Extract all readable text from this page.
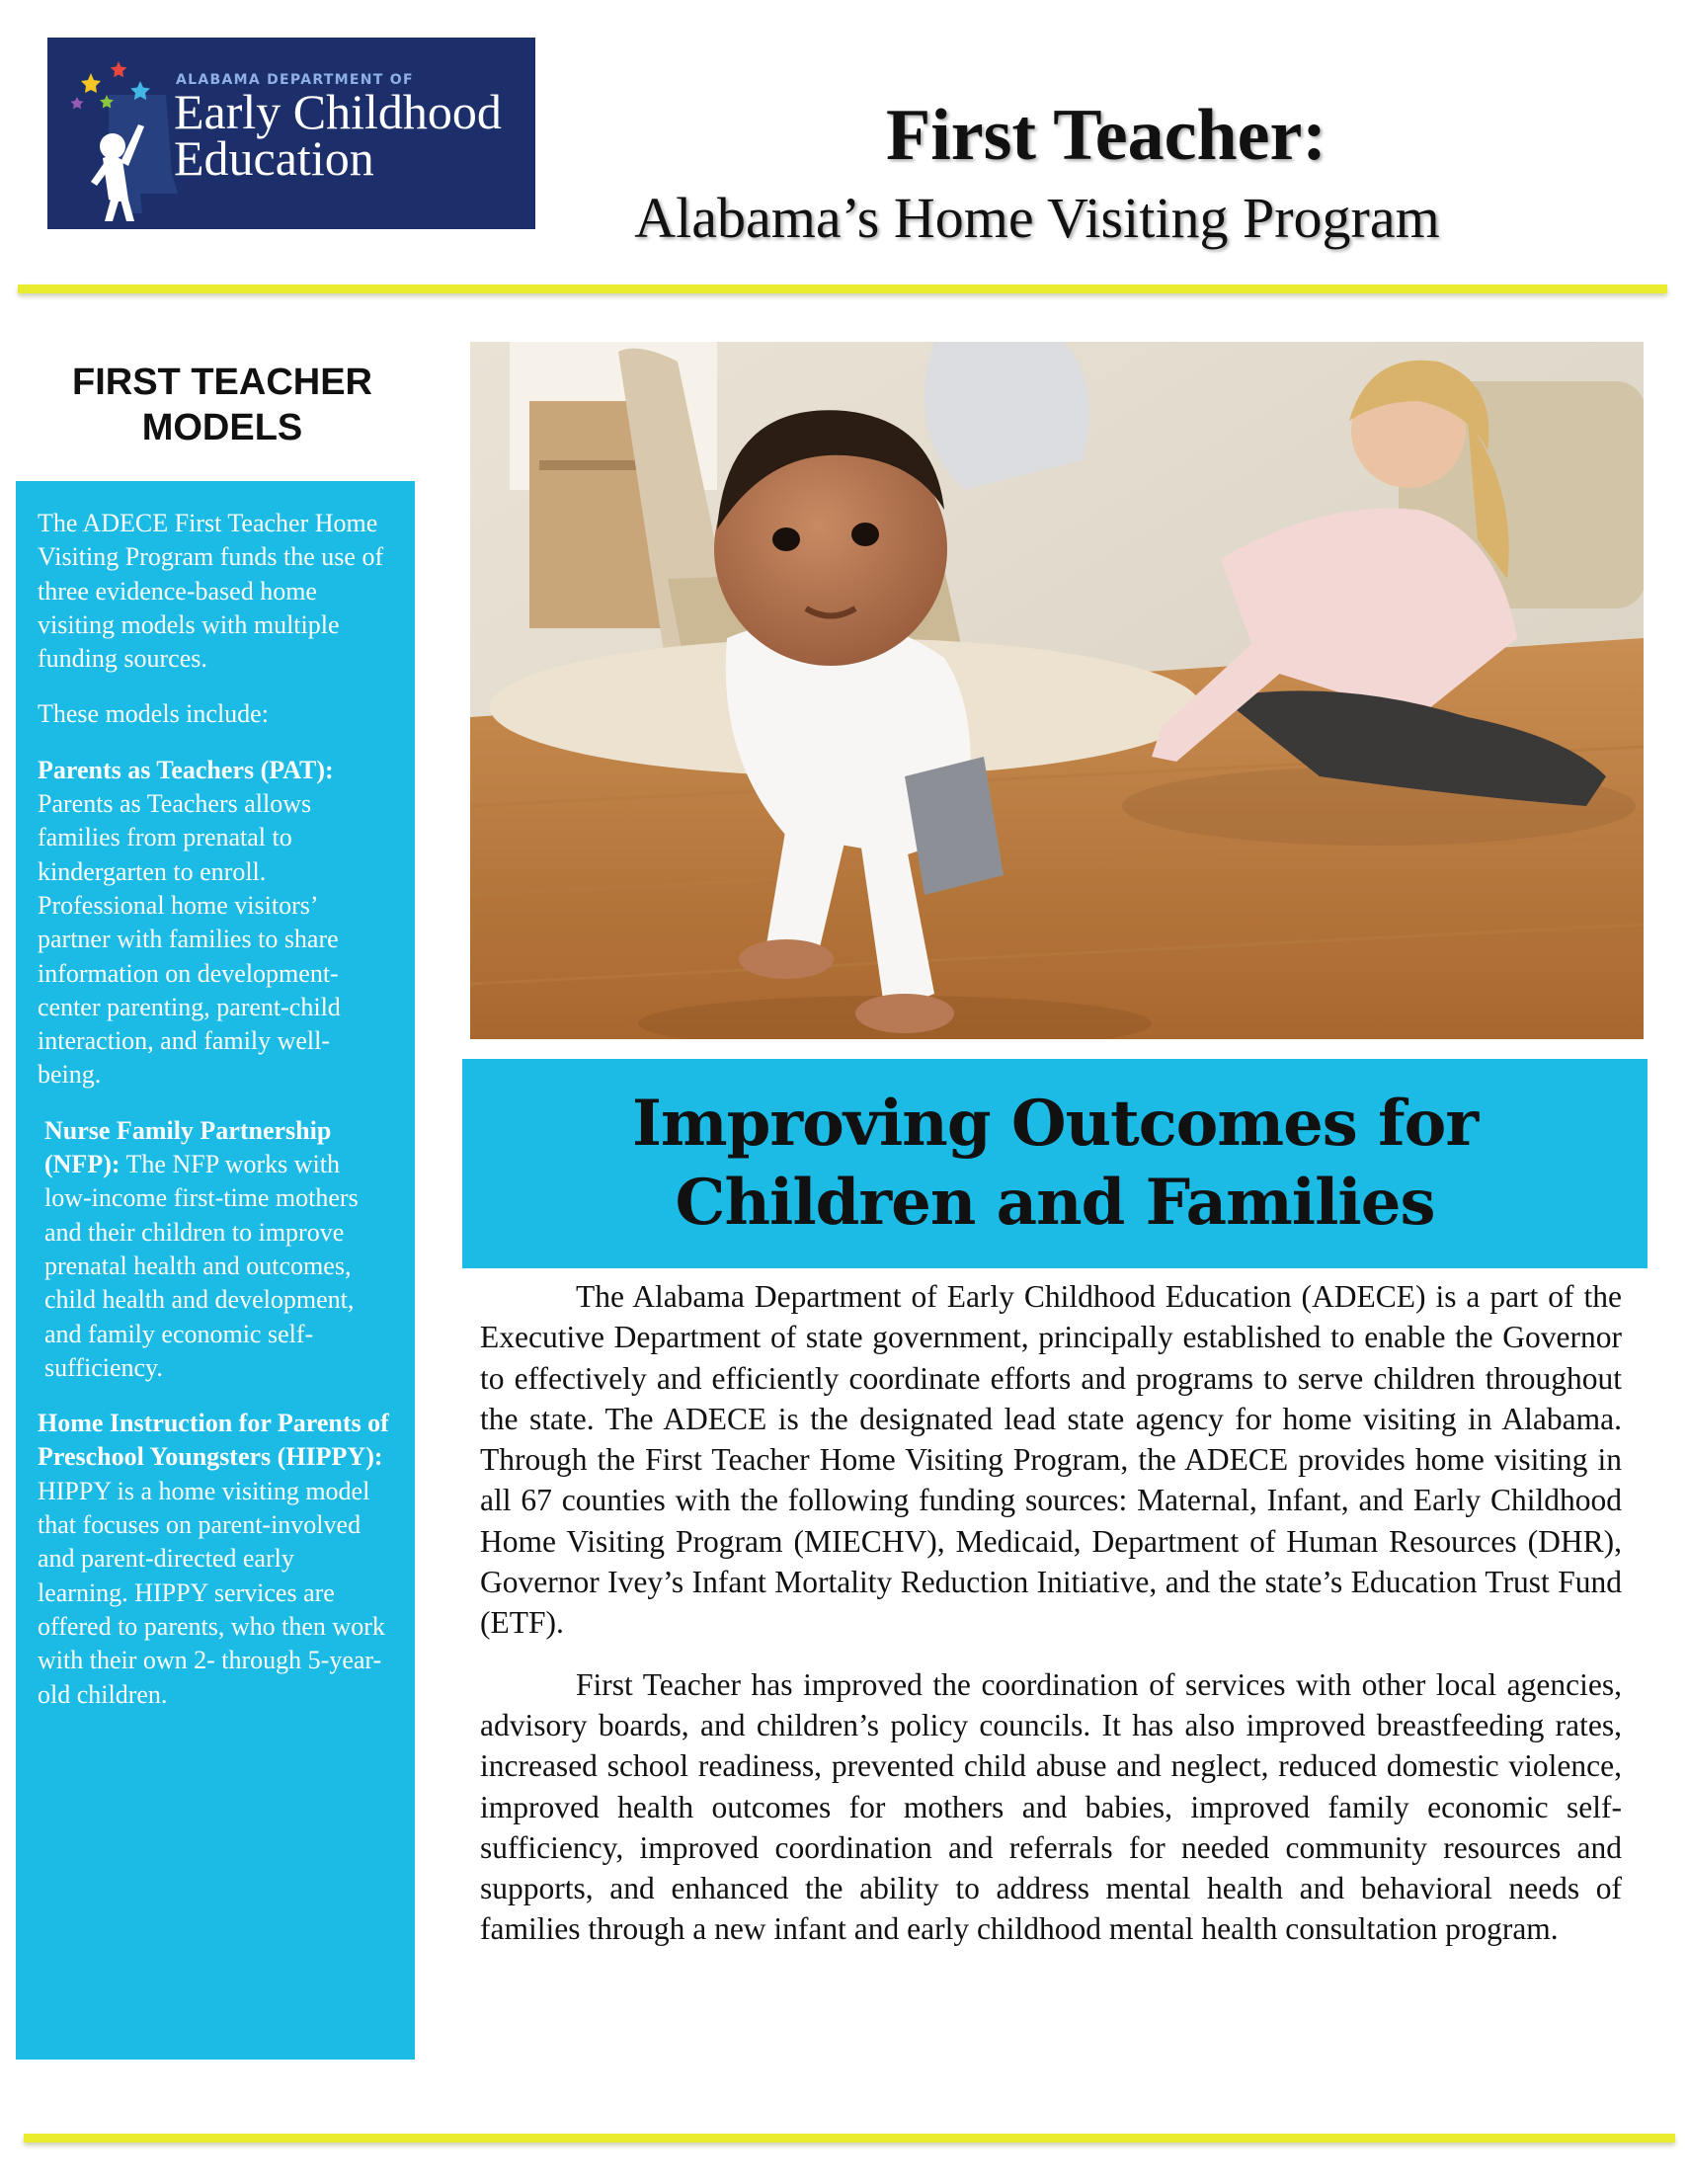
ALABAMA DEPARTMENT OF
Early Childhood
Education	First Teacher:
Alabama’s Home Visiting Program
FIRST TEACHER
MODELS

The ADECE First Teacher Home Visiting Program funds the use of three evidence-based home visiting models with multiple funding sources.

These models include:

Parents as Teachers (PAT): Parents as Teachers allows families from prenatal to kindergarten to enroll. Professional home visitors’ partner with families to share information on development-center parenting, parent-child interaction, and family well-being.

Nurse Family Partnership (NFP): The NFP works with low-income first-time mothers and their children to improve prenatal health and outcomes, child health and development, and family economic self-sufficiency.

Home Instruction for Parents of Preschool Youngsters (HIPPY): HIPPY is a home visiting model that focuses on parent-involved and parent-directed early learning. HIPPY services are offered to parents, who then work with their own 2- through 5-year-old children.

Improving Outcomes for
Children and Families

The Alabama Department of Early Childhood Education (ADECE) is a part of the Executive Department of state government, principally established to enable the Governor to effectively and efficiently coordinate efforts and programs to serve children throughout the state. The ADECE is the designated lead state agency for home visiting in Alabama. Through the First Teacher Home Visiting Program, the ADECE provides home visiting in all 67 counties with the following funding sources: Maternal, Infant, and Early Childhood Home Visiting Program (MIECHV), Medicaid, Department of Human Resources (DHR), Governor Ivey’s Infant Mortality Reduction Initiative, and the state’s Education Trust Fund (ETF).

First Teacher has improved the coordination of services with other local agencies, advisory boards, and children’s policy councils. It has also improved breastfeeding rates, increased school readiness, prevented child abuse and neglect, reduced domestic violence, improved health outcomes for mothers and babies, improved family economic self-sufficiency, improved coordination and referrals for needed community resources and supports, and enhanced the ability to address mental health and behavioral needs of families through a new infant and early childhood mental health consultation program.
